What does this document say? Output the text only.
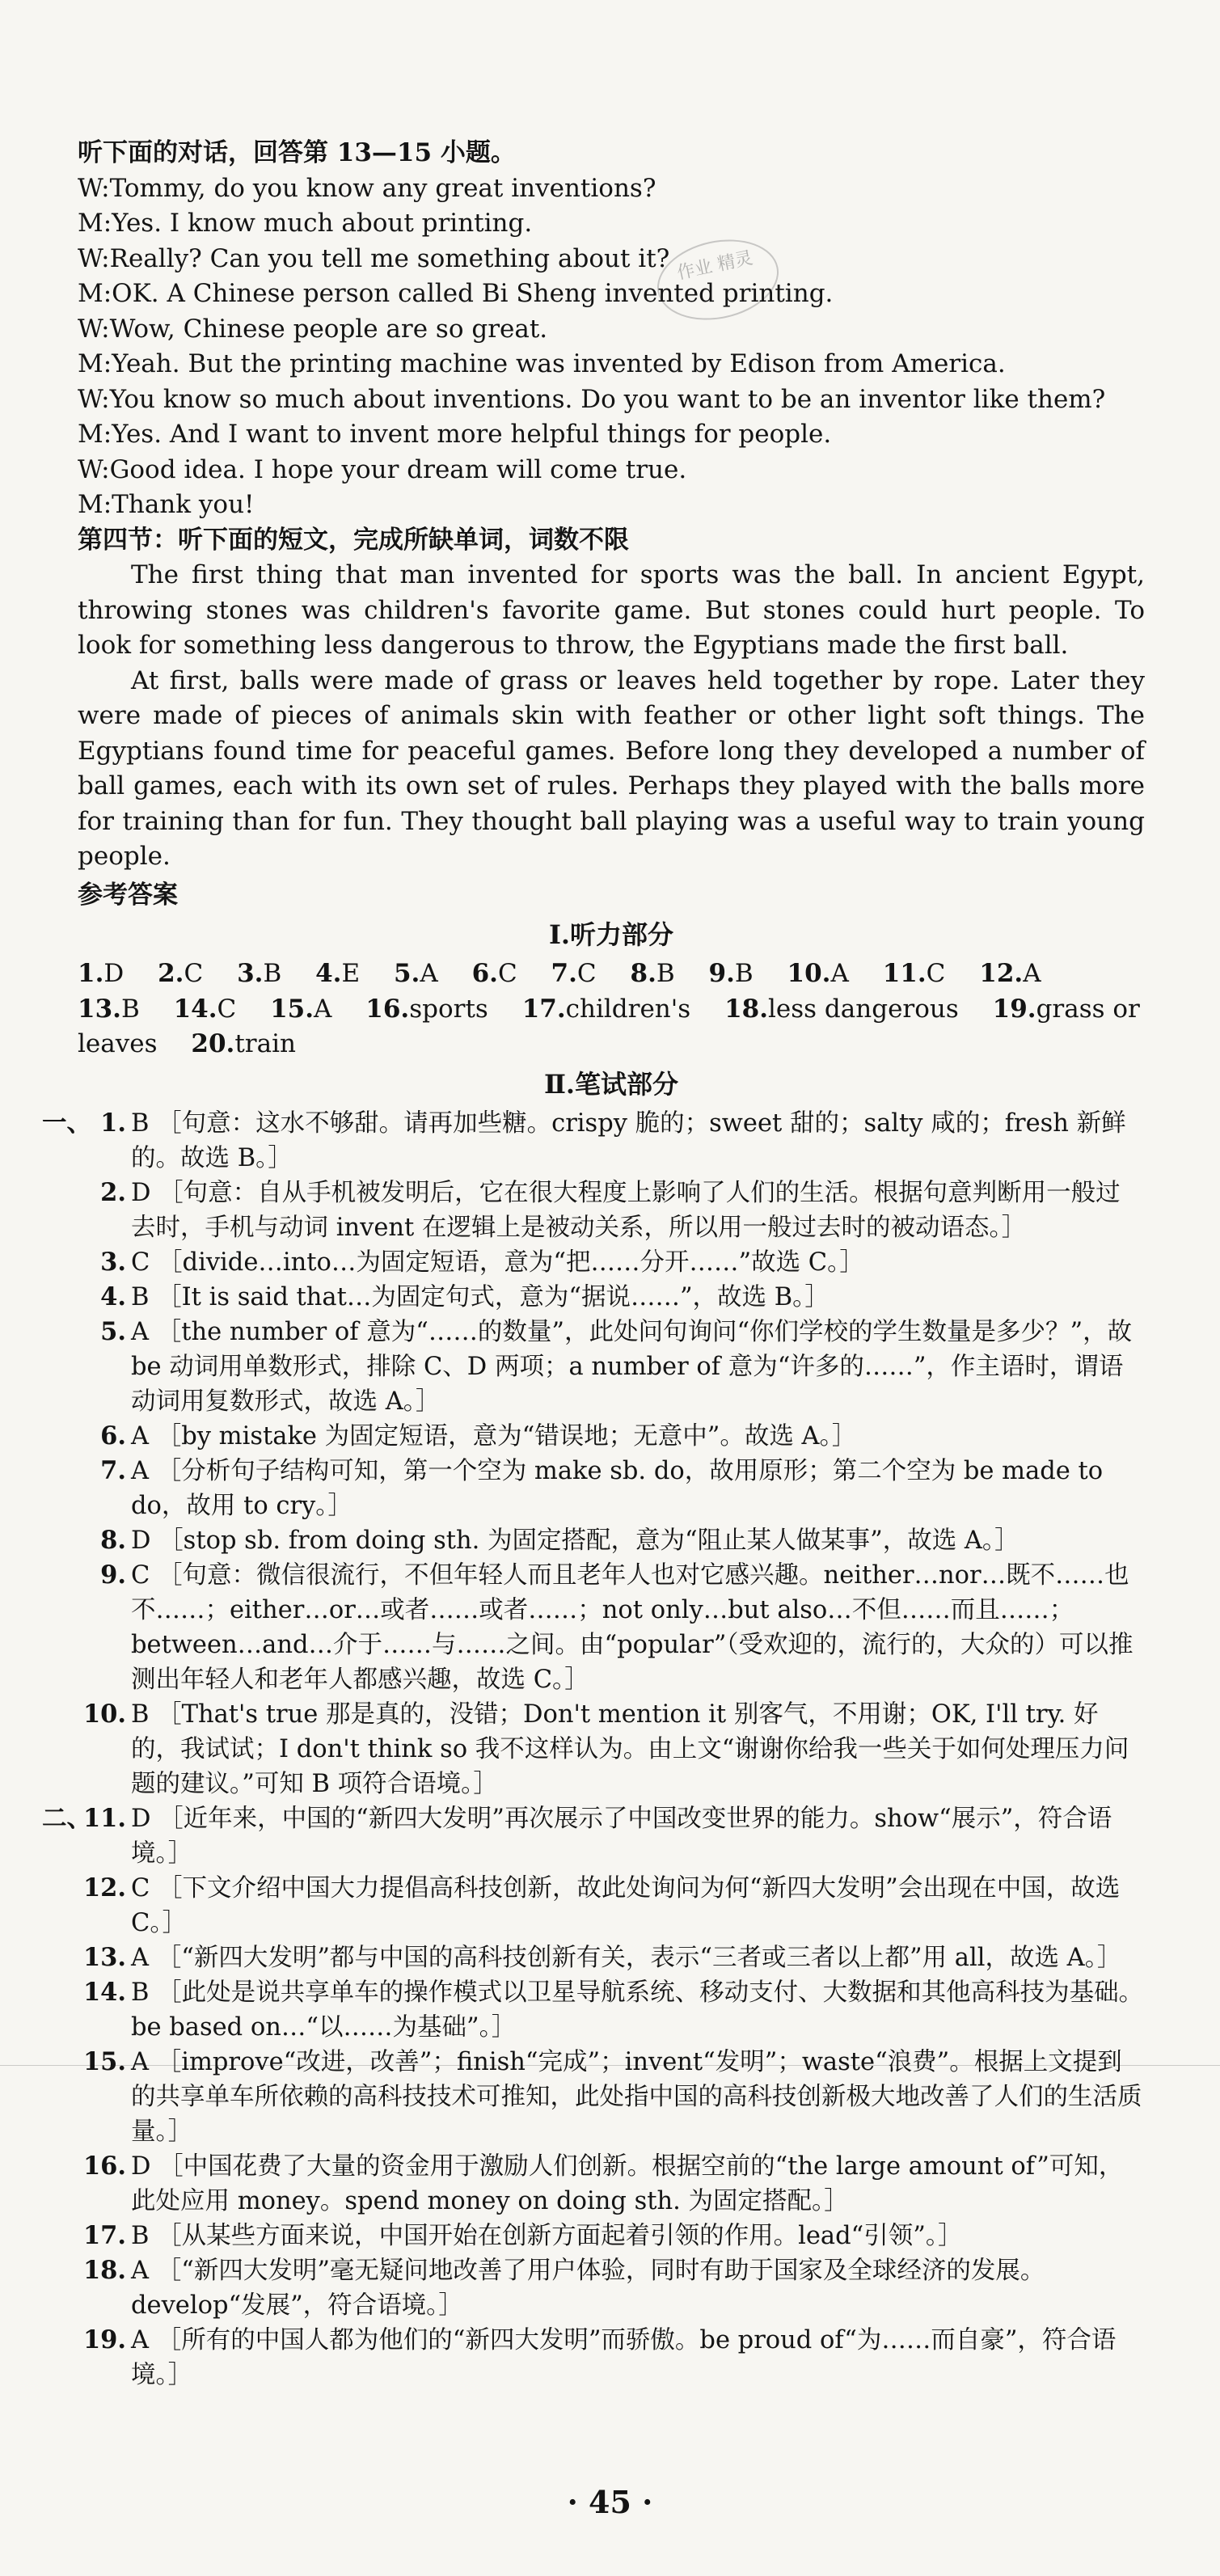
作业 精灵

听下面的对话，回答第 13—15 小题。

W:Tommy, do you know any great inventions?

M:Yes. I know much about printing.

W:Really? Can you tell me something about it?

M:OK. A Chinese person called Bi Sheng invented printing.

W:Wow, Chinese people are so great.

M:Yeah. But the printing machine was invented by Edison from America.

W:You know so much about inventions. Do you want to be an inventor like them?

M:Yes. And I want to invent more helpful things for people.

W:Good idea. I hope your dream will come true.

M:Thank you!

第四节：听下面的短文，完成所缺单词，词数不限

The first thing that man invented for sports was the ball. In ancient Egypt, throwing stones was children's favorite game. But stones could hurt people. To look for something less dangerous to throw, the Egyptians made the first ball.

At first, balls were made of grass or leaves held together by rope. Later they were made of pieces of animals skin with feather or other light soft things. The Egyptians found time for peaceful games. Before long they developed a number of ball games, each with its own set of rules. Perhaps they played with the balls more for training than for fun. They thought ball playing was a useful way to train young people.

参考答案

Ⅰ.听力部分

1.D 2.C 3.B 4.E 5.A 6.C 7.C 8.B 9.B 10.A 11.C 12.A 13.B 14.C 15.A 16.sports 17.children's 18.less dangerous 19.grass or leaves 20.train

Ⅱ.笔试部分

一、 1. B ［句意：这水不够甜。请再加些糖。crispy 脆的；sweet 甜的；salty 咸的；fresh 新鲜的。故选 B。］

2. D ［句意：自从手机被发明后，它在很大程度上影响了人们的生活。根据句意判断用一般过去时，手机与动词 invent 在逻辑上是被动关系，所以用一般过去时的被动语态。］

3. C ［divide…into…为固定短语，意为“把……分开……”故选 C。］

4. B ［It is said that…为固定句式，意为“据说……”，故选 B。］

5. A ［the number of 意为“……的数量”，此处问句询问“你们学校的学生数量是多少？”，故 be 动词用单数形式，排除 C、D 两项；a number of 意为“许多的……”，作主语时，谓语动词用复数形式，故选 A。］

6. A ［by mistake 为固定短语，意为“错误地；无意中”。故选 A。］

7. A ［分析句子结构可知，第一个空为 make sb. do，故用原形；第二个空为 be made to do，故用 to cry。］

8. D ［stop sb. from doing sth. 为固定搭配，意为“阻止某人做某事”，故选 A。］

9. C ［句意：微信很流行，不但年轻人而且老年人也对它感兴趣。neither…nor…既不……也不……；either…or…或者……或者……；not only…but also…不但……而且……；between…and…介于……与……之间。由“popular”（受欢迎的，流行的，大众的）可以推测出年轻人和老年人都感兴趣，故选 C。］

10. B ［That's true 那是真的，没错；Don't mention it 别客气，不用谢；OK, I'll try. 好的，我试试；I don't think so 我不这样认为。由上文“谢谢你给我一些关于如何处理压力问题的建议。”可知 B 项符合语境。］

二、
11. D ［近年来，中国的“新四大发明”再次展示了中国改变世界的能力。show“展示”，符合语境。］

12. C ［下文介绍中国大力提倡高科技创新，故此处询问为何“新四大发明”会出现在中国，故选 C。］

13. A ［“新四大发明”都与中国的高科技创新有关，表示“三者或三者以上都”用 all，故选 A。］

14. B ［此处是说共享单车的操作模式以卫星导航系统、移动支付、大数据和其他高科技为基础。be based on…“以……为基础”。］

15. A ［improve“改进，改善”；finish“完成”；invent“发明”；waste“浪费”。根据上文提到的共享单车所依赖的高科技技术可推知，此处指中国的高科技创新极大地改善了人们的生活质量。］

16. D ［中国花费了大量的资金用于激励人们创新。根据空前的“the large amount of”可知，此处应用 money。spend money on doing sth. 为固定搭配。］

17. B ［从某些方面来说，中国开始在创新方面起着引领的作用。lead“引领”。］

18. A ［“新四大发明”毫无疑问地改善了用户体验，同时有助于国家及全球经济的发展。develop“发展”，符合语境。］

19. A ［所有的中国人都为他们的“新四大发明”而骄傲。be proud of“为……而自豪”，符合语境。］

· 45 ·
